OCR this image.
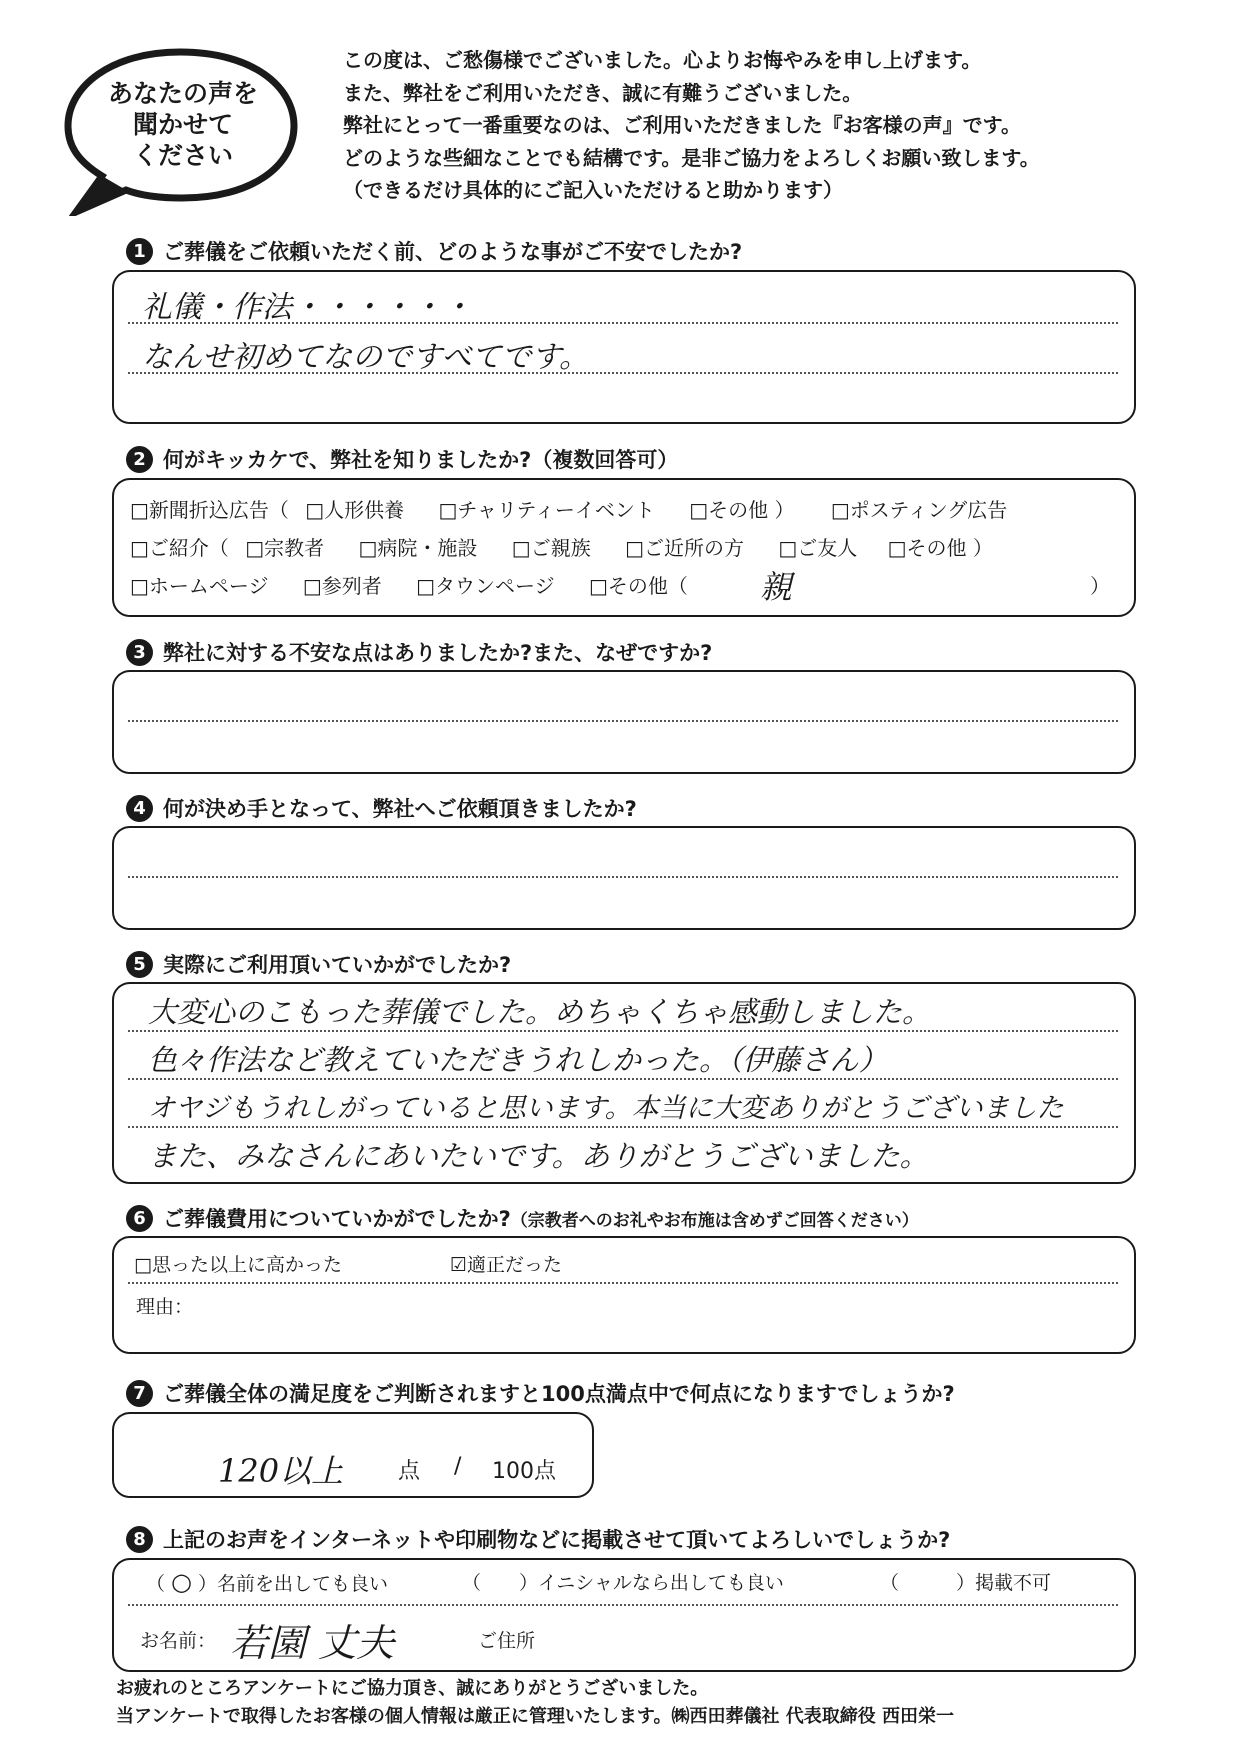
あなたの声を
聞かせて
ください
この度は、ご愁傷様でございました。心よりお悔やみを申し上げます。
また、弊社をご利用いただき、誠に有難うございました。
弊社にとって一番重要なのは、ご利用いただきました『お客様の声』です。
どのような些細なことでも結構です。是非ご協力をよろしくお願い致します。
（できるだけ具体的にご記入いただけると助かります）
1 ご葬儀をご依頼いただく前、どのような事がご不安でしたか?
礼儀・作法・・・・・・
なんせ初めてなのですべてです。
2 何がキッカケで、弊社を知りましたか?（複数回答可）
□新聞折込広告（ □人形供養 □チャリティーイベント □その他 ） □ポスティング広告
□ご紹介（ □宗教者 □病院・施設 □ご親族 □ご近所の方 □ご友人 □その他 ）
□ホームページ □参列者 □タウンページ □その他（ 親	）
3 弊社に対する不安な点はありましたか?また、なぜですか?
4 何が決め手となって、弊社へご依頼頂きましたか?
5 実際にご利用頂いていかがでしたか?
大変心のこもった葬儀でした。めちゃくちゃ感動しました。
色々作法など教えていただきうれしかった。（伊藤さん）
オヤジもうれしがっていると思います。本当に大変ありがとうございました
また、みなさんにあいたいです。ありがとうございました。
6 ご葬儀費用についていかがでしたか? （宗教者へのお礼やお布施は含めずご回答ください）
□思った以上に高かった	☑適正だった
理由：
7 ご葬儀全体の満足度をご判断されますと100点満点中で何点になりますでしょうか?
120以上 点 / 100点
8 上記のお声をインターネットや印刷物などに掲載させて頂いてよろしいでしょうか?
（ ○ ）名前を出しても良い	（　　）イニシャルなら出しても良い	（　　　）掲載不可
お名前： 若園 丈夫	ご住所
お疲れのところアンケートにご協力頂き、誠にありがとうございました。
当アンケートで取得したお客様の個人情報は厳正に管理いたします。㈱西田葬儀社 代表取締役 西田栄一
